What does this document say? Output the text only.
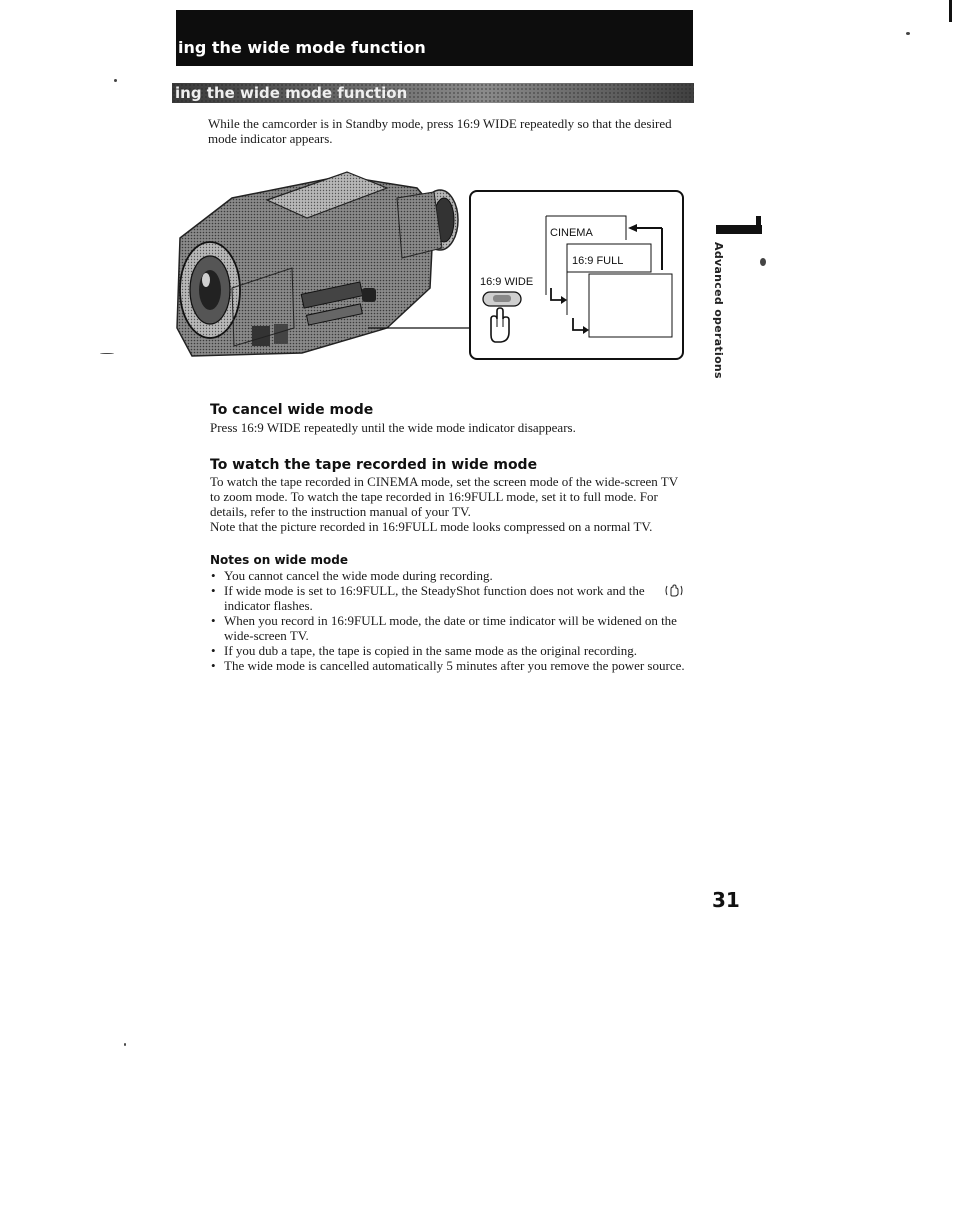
ing the wide mode function
ing the wide mode function
While the camcorder is in Standby mode, press 16:9 WIDE repeatedly so that the desired mode indicator appears.
CINEMA
16:9 FULL
16:9 WIDE
To cancel wide mode
Press 16:9 WIDE repeatedly until the wide mode indicator disappears.
To watch the tape recorded in wide mode
To watch the tape recorded in CINEMA mode, set the screen mode of the wide-screen TV to zoom mode. To watch the tape recorded in 16:9FULL mode, set it to full mode. For details, refer to the instruction manual of your TV.
Note that the picture recorded in 16:9FULL mode looks compressed on a normal TV.
Notes on wide mode
• You cannot cancel the wide mode during recording.
• If wide mode is set to 16:9FULL, the SteadyShot function does not work and the indicator flashes.
• When you record in 16:9FULL mode, the date or time indicator will be widened on the wide-screen TV.
• If you dub a tape, the tape is copied in the same mode as the original recording.
• The wide mode is cancelled automatically 5 minutes after you remove the power source.
Advanced operations
31
